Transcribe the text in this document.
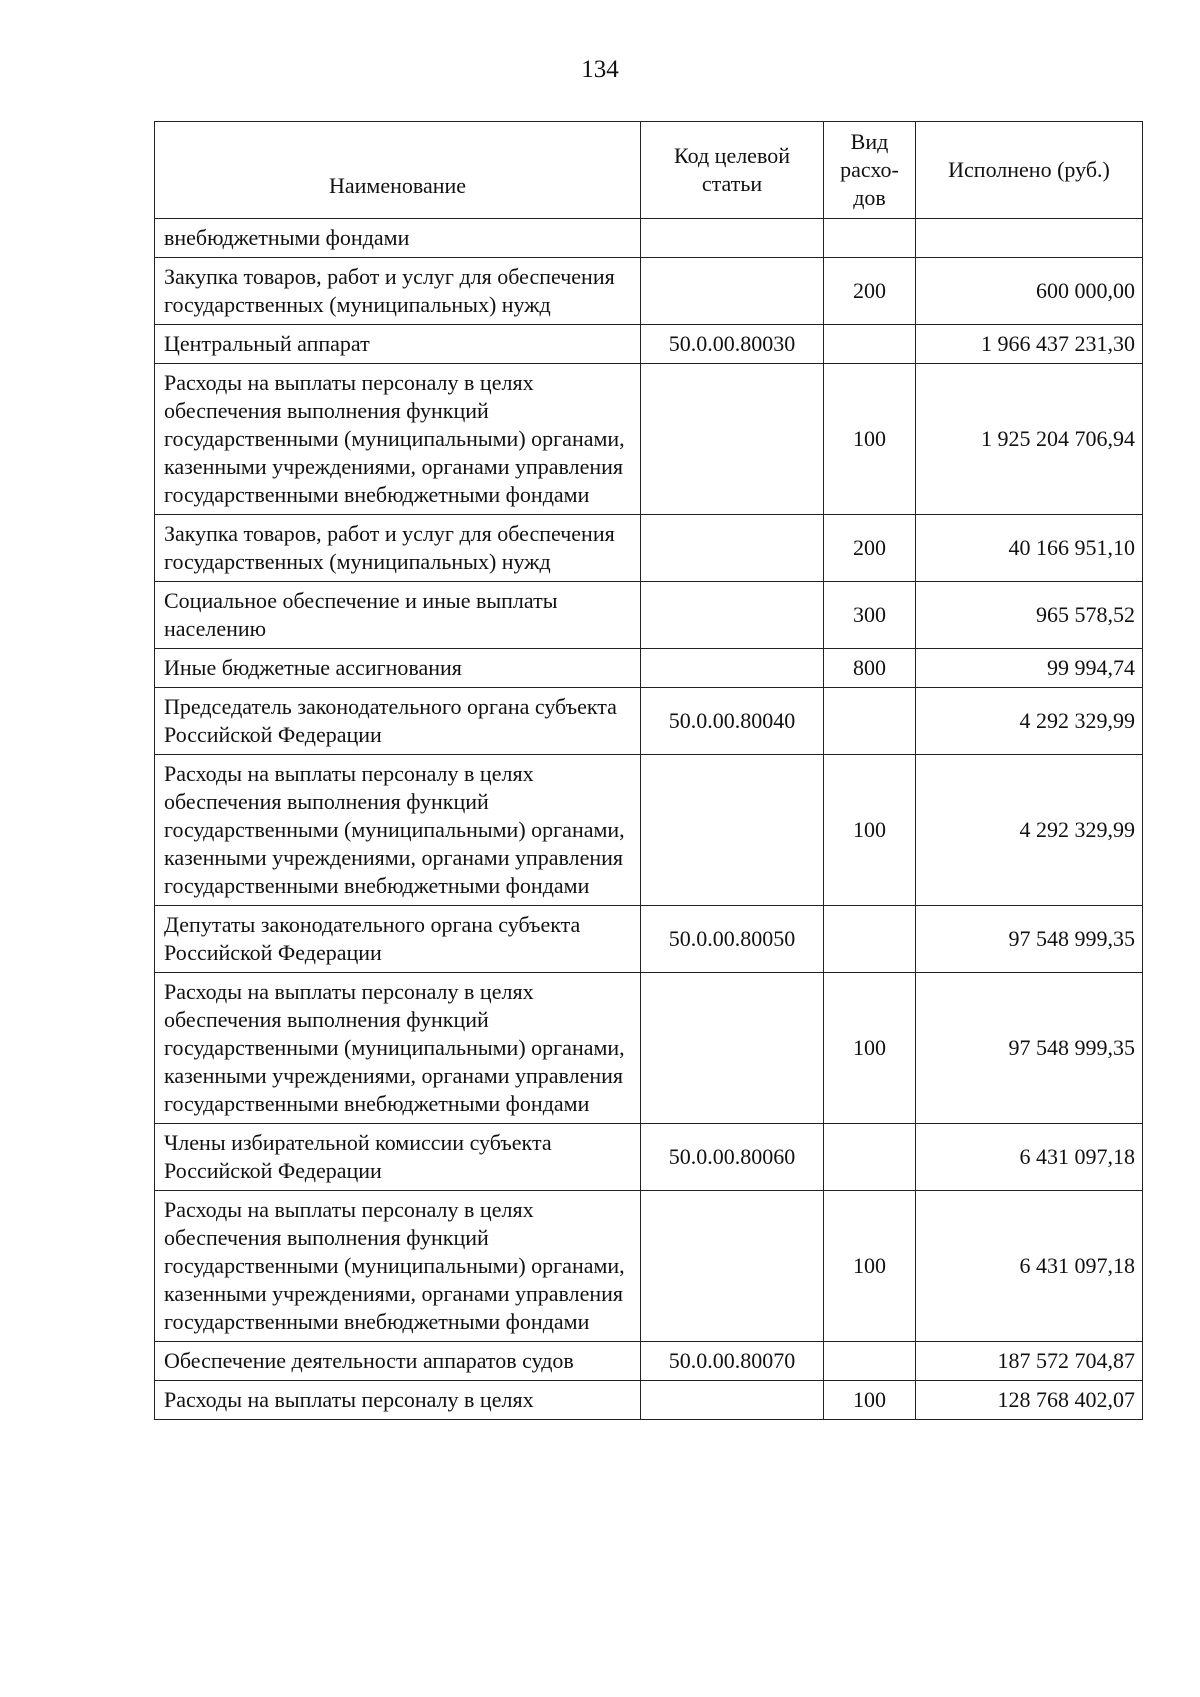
134
Наименование	Код целевой статьи	Вид расхо-дов	Исполнено (руб.)
внебюджетными фондами			
Закупка товаров, работ и услуг для обеспечения государственных (муниципальных) нужд		200	600 000,00
Центральный аппарат	50.0.00.80030		1 966 437 231,30
Расходы на выплаты персоналу в целях обеспечения выполнения функций государственными (муниципальными) органами, казенными учреждениями, органами управления государственными внебюджетными фондами		100	1 925 204 706,94
Закупка товаров, работ и услуг для обеспечения государственных (муниципальных) нужд		200	40 166 951,10
Социальное обеспечение и иные выплаты населению		300	965 578,52
Иные бюджетные ассигнования		800	99 994,74
Председатель законодательного органа субъекта Российской Федерации	50.0.00.80040		4 292 329,99
Расходы на выплаты персоналу в целях обеспечения выполнения функций государственными (муниципальными) органами, казенными учреждениями, органами управления государственными внебюджетными фондами		100	4 292 329,99
Депутаты законодательного органа субъекта Российской Федерации	50.0.00.80050		97 548 999,35
Расходы на выплаты персоналу в целях обеспечения выполнения функций государственными (муниципальными) органами, казенными учреждениями, органами управления государственными внебюджетными фондами		100	97 548 999,35
Члены избирательной комиссии субъекта Российской Федерации	50.0.00.80060		6 431 097,18
Расходы на выплаты персоналу в целях обеспечения выполнения функций государственными (муниципальными) органами, казенными учреждениями, органами управления государственными внебюджетными фондами		100	6 431 097,18
Обеспечение деятельности аппаратов судов	50.0.00.80070		187 572 704,87
Расходы на выплаты персоналу в целях		100	128 768 402,07
